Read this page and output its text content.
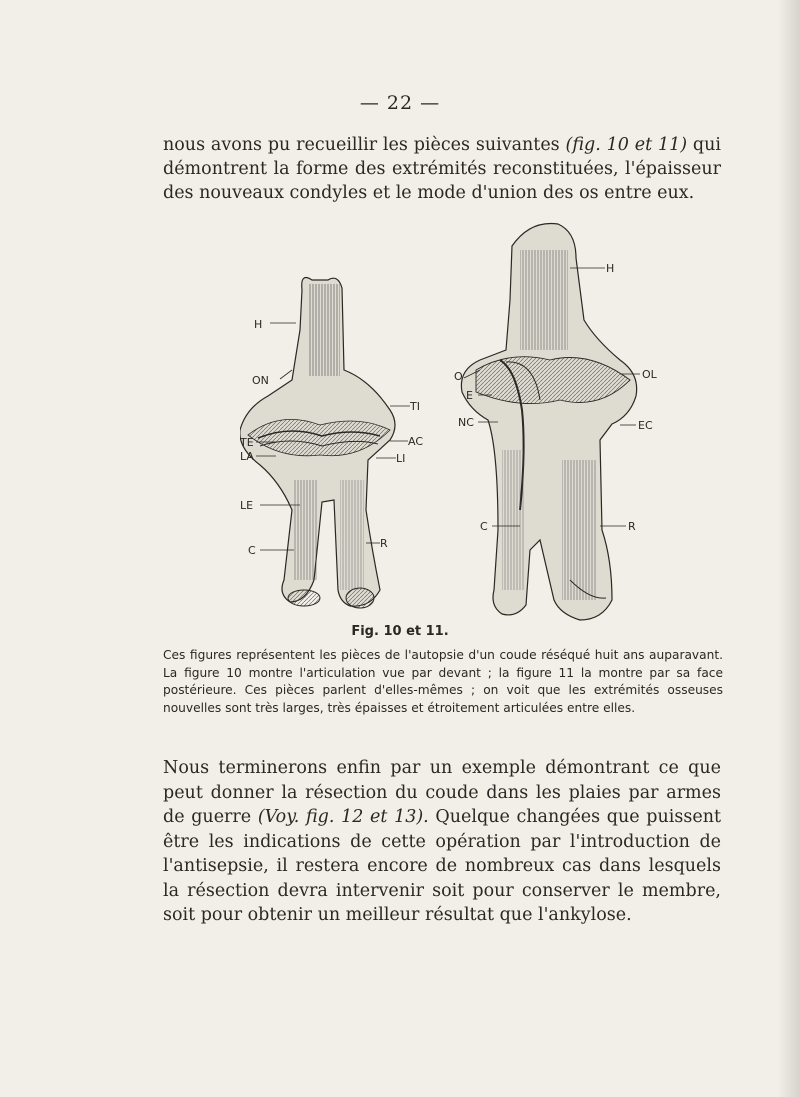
— 22 —

nous avons pu recueillir les pièces suivantes (fig. 10 et 11) qui démontrent la forme des extrémités reconstituées, l'épaisseur des nouveaux condyles et le mode d'union des os entre eux.

H
ON
TI
TE	AC
LA	LI
LE
C
R
H
O	OL
E
NC	EC
C	R
Fig. 10 et 11.

Ces figures représentent les pièces de l'autopsie d'un coude réséqué huit ans auparavant. La figure 10 montre l'articulation vue par devant ; la figure 11 la montre par sa face postérieure. Ces pièces parlent d'elles-mêmes ; on voit que les extrémités osseuses nouvelles sont très larges, très épaisses et étroitement articulées entre elles.

Nous terminerons enfin par un exemple démontrant ce que peut donner la résection du coude dans les plaies par armes de guerre (Voy. fig. 12 et 13). Quelque changées que puissent être les indications de cette opération par l'introduction de l'antisepsie, il restera encore de nombreux cas dans lesquels la résection devra intervenir soit pour conserver le membre, soit pour obtenir un meilleur résultat que l'ankylose.
